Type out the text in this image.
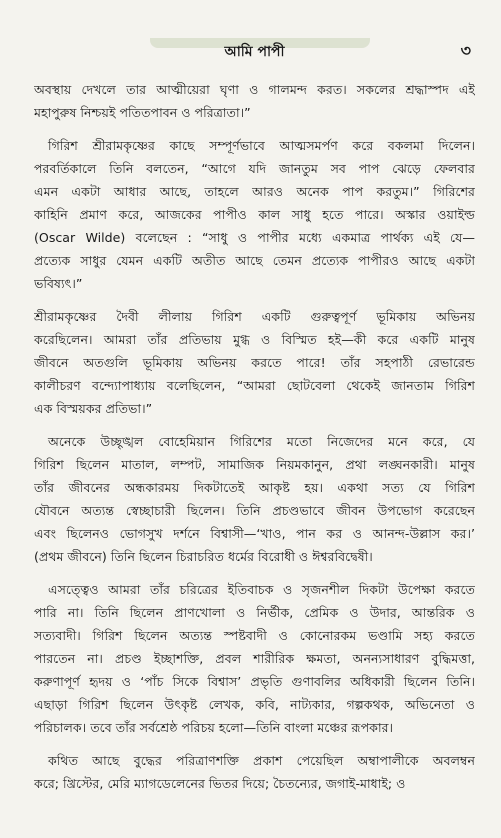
আমি পাপী	৩
অবস্থায় দেখলে তার আত্মীয়েরা ঘৃণা ও গালমন্দ করত। সকলের শ্রদ্ধাস্পদ এই
মহাপুরুষ নিশ্চয়ই পতিতপাবন ও পরিত্রাতা।”
গিরিশ শ্রীরামকৃষ্ণের কাছে সম্পূর্ণভাবে আত্মসমর্পণ করে বকলমা দিলেন।
পরবর্তিকালে তিনি বলতেন, “আগে যদি জানতুম সব পাপ ঝেড়ে ফেলবার
এমন একটা আধার আছে, তাহলে আরও অনেক পাপ করতুম।” গিরিশের
কাহিনি প্রমাণ করে, আজকের পাপীও কাল সাধু হতে পারে। অস্কার ওয়াইল্ড
(Oscar Wilde) বলেছেন : “সাধু ও পাপীর মধ্যে একমাত্র পার্থক্য এই যে—
প্রত্যেক সাধুর যেমন একটি অতীত আছে তেমন প্রত্যেক পাপীরও আছে একটা
ভবিষ্যৎ।”
শ্রীরামকৃষ্ণের দৈবী লীলায় গিরিশ একটি গুরুত্বপূর্ণ ভূমিকায় অভিনয়
করেছিলেন। আমরা তাঁর প্রতিভায় মুগ্ধ ও বিস্মিত হই—কী করে একটি মানুষ
জীবনে অতগুলি ভূমিকায় অভিনয় করতে পারে! তাঁর সহপাঠী রেভারেন্ড
কালীচরণ বন্দ্যোপাধ্যায় বলেছিলেন, “আমরা ছোটবেলা থেকেই জানতাম গিরিশ
এক বিস্ময়কর প্রতিভা।”
অনেকে উচ্ছৃঙ্খল বোহেমিয়ান গিরিশের মতো নিজেদের মনে করে, যে
গিরিশ ছিলেন মাতাল, লম্পট, সামাজিক নিয়মকানুন, প্রথা লঙ্ঘনকারী। মানুষ
তাঁর জীবনের অন্ধকারময় দিকটাতেই আকৃষ্ট হয়। একথা সত্য যে গিরিশ
যৌবনে অত্যন্ত স্বেচ্ছাচারী ছিলেন। তিনি প্রচণ্ডভাবে জীবন উপভোগ করেছেন
এবং ছিলেনও ভোগসুখ দর্শনে বিশ্বাসী—‘খাও, পান কর ও আনন্দ-উল্লাস কর।’
(প্রথম জীবনে) তিনি ছিলেন চিরাচরিত ধর্মের বিরোধী ও ঈশ্বরবিদ্বেষী।
এসত্ত্বেও আমরা তাঁর চরিত্রের ইতিবাচক ও সৃজনশীল দিকটা উপেক্ষা করতে
পারি না। তিনি ছিলেন প্রাণখোলা ও নির্ভীক, প্রেমিক ও উদার, আন্তরিক ও
সত্যবাদী। গিরিশ ছিলেন অত্যন্ত স্পষ্টবাদী ও কোনোরকম ভণ্ডামি সহ্য করতে
পারতেন না। প্রচণ্ড ইচ্ছাশক্তি, প্রবল শারীরিক ক্ষমতা, অনন্যসাধারণ বুদ্ধিমত্তা,
করুণাপূর্ণ হৃদয় ও ‘পাঁচ সিকে বিশ্বাস’ প্রভৃতি গুণাবলির অধিকারী ছিলেন তিনি।
এছাড়া গিরিশ ছিলেন উৎকৃষ্ট লেখক, কবি, নাট্যকার, গল্পকথক, অভিনেতা ও
পরিচালক। তবে তাঁর সর্বশ্রেষ্ঠ পরিচয় হলো—তিনি বাংলা মঞ্চের রূপকার।
কথিত আছে বুদ্ধের পরিত্রাণশক্তি প্রকাশ পেয়েছিল অম্বাপালীকে অবলম্বন
করে; খ্রিস্টের, মেরি ম্যাগডেলেনের ভিতর দিয়ে; চৈতন্যের, জগাই-মাধাই; ও
